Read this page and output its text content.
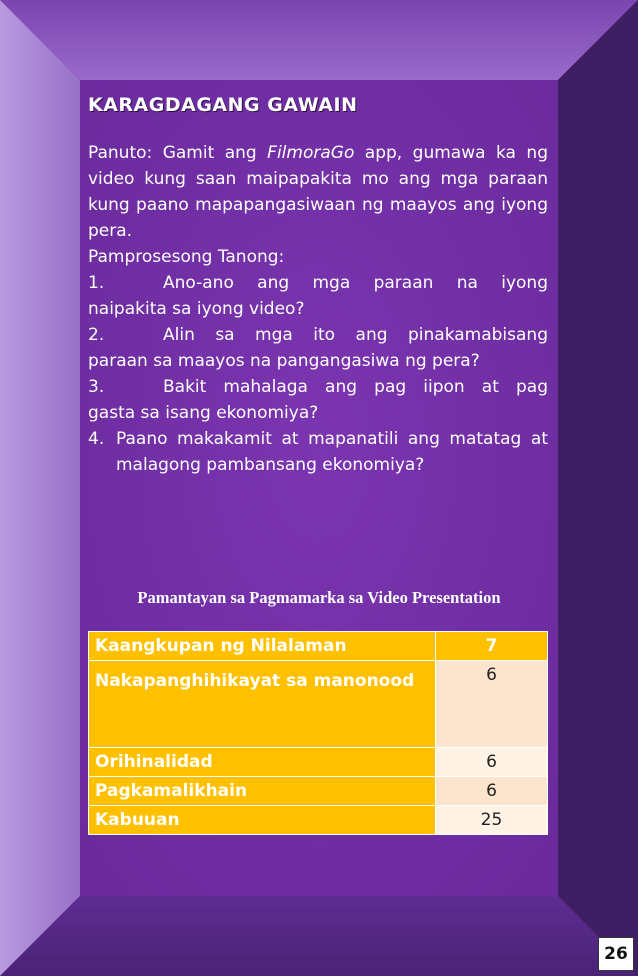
KARAGDAGANG GAWAIN

Panuto: Gamit ang FilmoraGo app, gumawa ka ng video kung saan maipapakita mo ang mga paraan kung paano mapapangasiwaan ng maayos ang iyong pera.

Pamprosesong Tanong:
1.	Ano-ano ang mga paraan na iyong
naipakita sa iyong video?
2.	Alin sa mga ito ang pinakamabisang
paraan sa maayos na pangangasiwa ng pera?
3.	Bakit mahalaga ang pag iipon at pag
gasta sa isang ekonomiya?
4. Paano makakamit at mapanatili ang matatag at malagong pambansang ekonomiya?
Pamantayan sa Pagmamarka sa Video Presentation
Kaangkupan ng Nilalaman	7
Nakapanghihikayat sa manonood	6
Orihinalidad	6
Pagkamalikhain	6
Kabuuan	25
26
